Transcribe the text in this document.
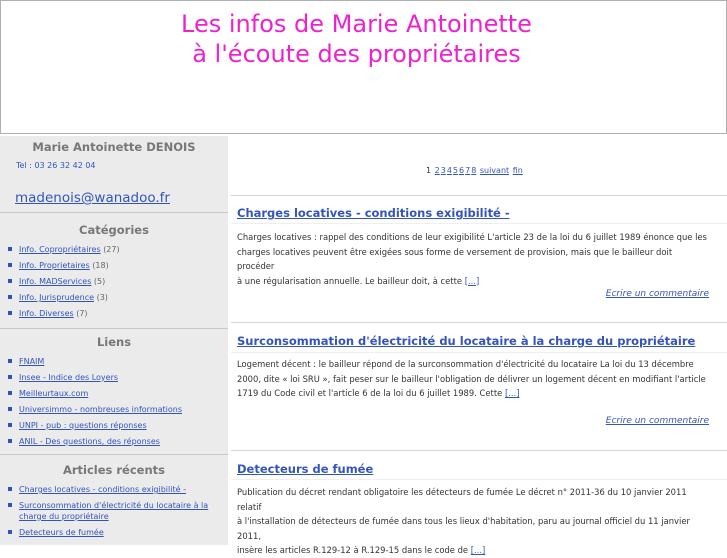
Les infos de Marie Antoinette
à l'écoute des propriétaires
Marie Antoinette DENOIS
Tel : 03 26 32 42 04
madenois@wanadoo.fr
Catégories
Info. Copropriétaires (27)
Info. Proprietaires (18)
Info. MADServices (5)
Info. Jurisprudence (3)
Info. Diverses (7)
Liens
FNAIM
Insee - Indice des Loyers
Meilleurtaux.com
Universimmo - nombreuses informations
UNPI - pub : questions réponses
ANIL - Des questions, des réponses
Articles récents
Charges locatives - conditions exigibilité -
Surconsommation d'électricité du locataire à la charge du propriétaire
Detecteurs de fumée
1 2345678 suivant fin
Charges locatives - conditions exigibilité -
Charges locatives : rappel des conditions de leur exigibilité L'article 23 de la loi du 6 juillet 1989 énonce que les
charges locatives peuvent être exigées sous forme de versement de provision, mais que le bailleur doit procéder
à une régularisation annuelle. Le bailleur doit, à cette [...]
Ecrire un commentaire
Surconsommation d'électricité du locataire à la charge du propriétaire
Logement décent : le bailleur répond de la surconsommation d'électricité du locataire La loi du 13 décembre
2000, dite « loi SRU », fait peser sur le bailleur l'obligation de délivrer un logement décent en modifiant l'article
1719 du Code civil et l'article 6 de la loi du 6 juillet 1989. Cette [...]
Ecrire un commentaire
Detecteurs de fumée
Publication du décret rendant obligatoire les détecteurs de fumée Le décret n° 2011-36 du 10 janvier 2011 relatif
à l'installation de détecteurs de fumée dans tous les lieux d'habitation, paru au journal officiel du 11 janvier 2011,
insère les articles R.129-12 à R.129-15 dans le code de [...]
